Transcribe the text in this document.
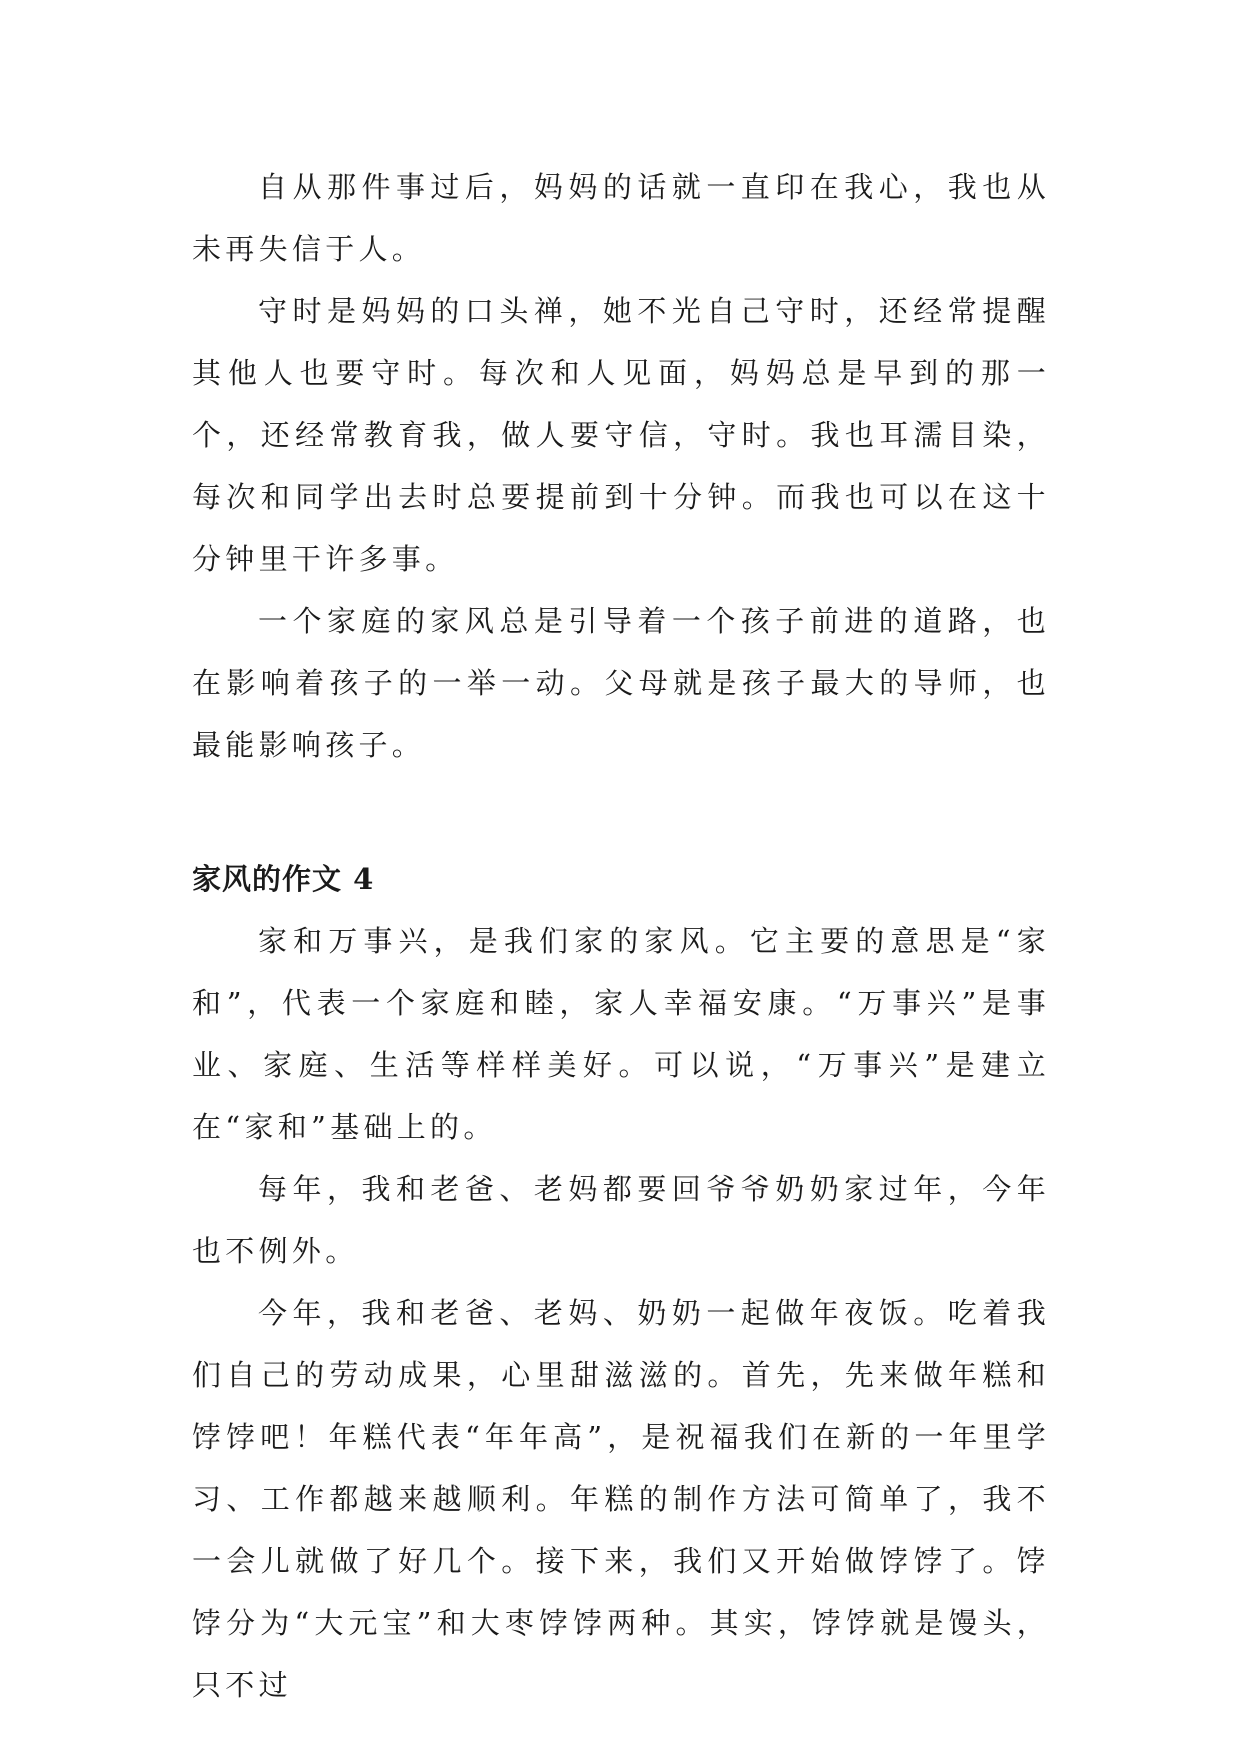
自从那件事过后，妈妈的话就一直印在我心，我也从未再失信于人。

守时是妈妈的口头禅，她不光自己守时，还经常提醒其他人也要守时。每次和人见面，妈妈总是早到的那一个，还经常教育我，做人要守信，守时。我也耳濡目染，每次和同学出去时总要提前到十分钟。而我也可以在这十分钟里干许多事。

一个家庭的家风总是引导着一个孩子前进的道路，也在影响着孩子的一举一动。父母就是孩子最大的导师，也最能影响孩子。

家风的作文 4

家和万事兴，是我们家的家风。它主要的意思是“家和”，代表一个家庭和睦，家人幸福安康。“万事兴”是事业、家庭、生活等样样美好。可以说，“万事兴”是建立在“家和”基础上的。

每年，我和老爸、老妈都要回爷爷奶奶家过年，今年也不例外。

今年，我和老爸、老妈、奶奶一起做年夜饭。吃着我们自己的劳动成果，心里甜滋滋的。首先，先来做年糕和饽饽吧！年糕代表“年年高”，是祝福我们在新的一年里学习、工作都越来越顺利。年糕的制作方法可简单了，我不一会儿就做了好几个。接下来，我们又开始做饽饽了。饽饽分为“大元宝”和大枣饽饽两种。其实，饽饽就是馒头，只不过
